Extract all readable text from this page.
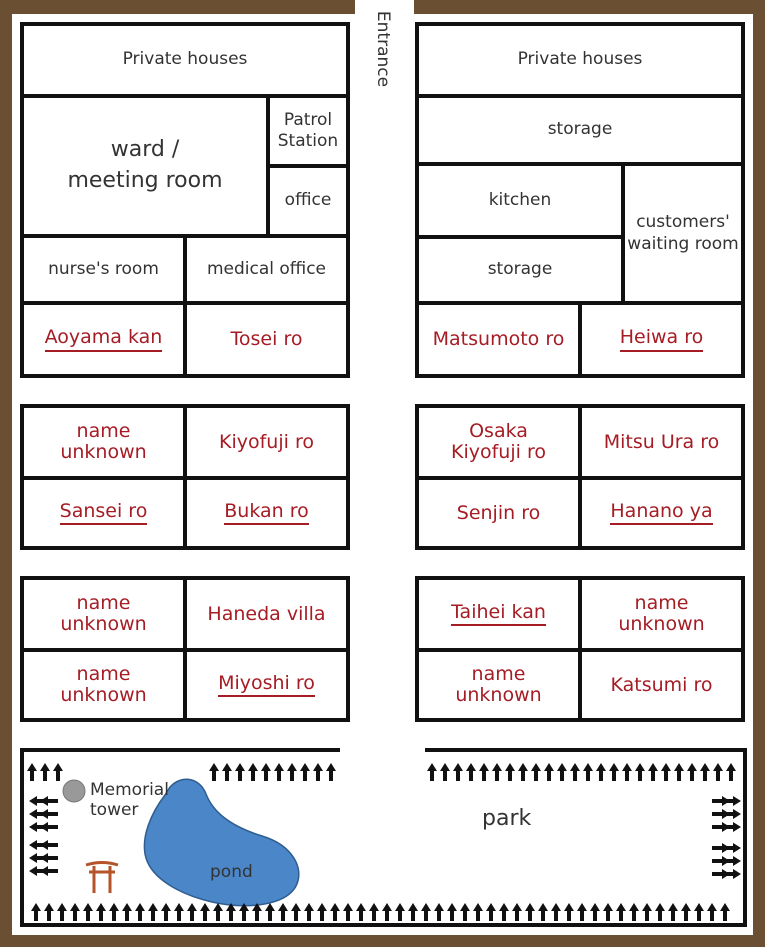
Entrance
Private houses
ward /
meeting room
Patrol
Station
office
nurse's room	medical office
Aoyama kan	Tosei ro
Private houses
storage
kitchen
customers'
waiting room
storage
Matsumoto ro	Heiwa ro
name
unknown	Kiyofuji ro
Sansei ro	Bukan ro
Osaka
Kiyofuji ro	Mitsu Ura ro
Senjin ro	Hanano ya
name
unknown	Haneda villa
name
unknown
Miyoshi ro
Taihei kan	name
unknown
name
unknown	Katsumi ro
Memorial
tower
pond
park
